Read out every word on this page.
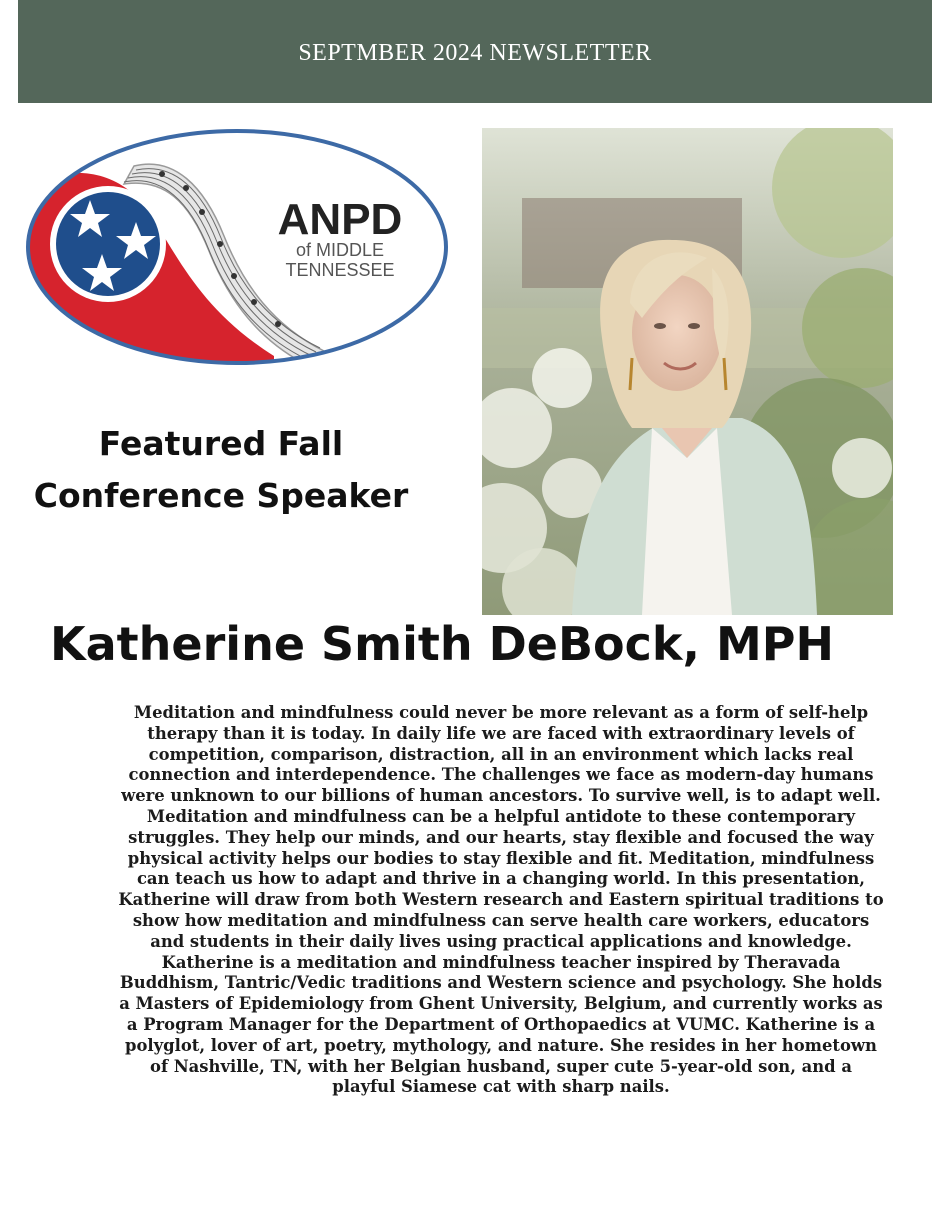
SEPTMBER 2024 NEWSLETTER
ANPD
of MIDDLE
TENNESSEE
Featured Fall
Conference Speaker
Katherine Smith DeBock, MPH

Meditation and mindfulness could never be more relevant as a form of self-help therapy than it is today. In daily life we are faced with extraordinary levels of competition, comparison, distraction, all in an environment which lacks real connection and interdependence. The challenges we face as modern-day humans were unknown to our billions of human ancestors. To survive well, is to adapt well. Meditation and mindfulness can be a helpful antidote to these contemporary struggles. They help our minds, and our hearts, stay flexible and focused the way physical activity helps our bodies to stay flexible and fit. Meditation, mindfulness can teach us how to adapt and thrive in a changing world. In this presentation, Katherine will draw from both Western research and Eastern spiritual traditions to show how meditation and mindfulness can serve health care workers, educators and students in their daily lives using practical applications and knowledge.

Katherine is a meditation and mindfulness teacher inspired by Theravada Buddhism, Tantric/Vedic traditions and Western science and psychology. She holds a Masters of Epidemiology from Ghent University, Belgium, and currently works as a Program Manager for the Department of Orthopaedics at VUMC. Katherine is a polyglot, lover of art, poetry, mythology, and nature. She resides in her hometown of Nashville, TN, with her Belgian husband, super cute 5-year-old son, and a playful Siamese cat with sharp nails.
